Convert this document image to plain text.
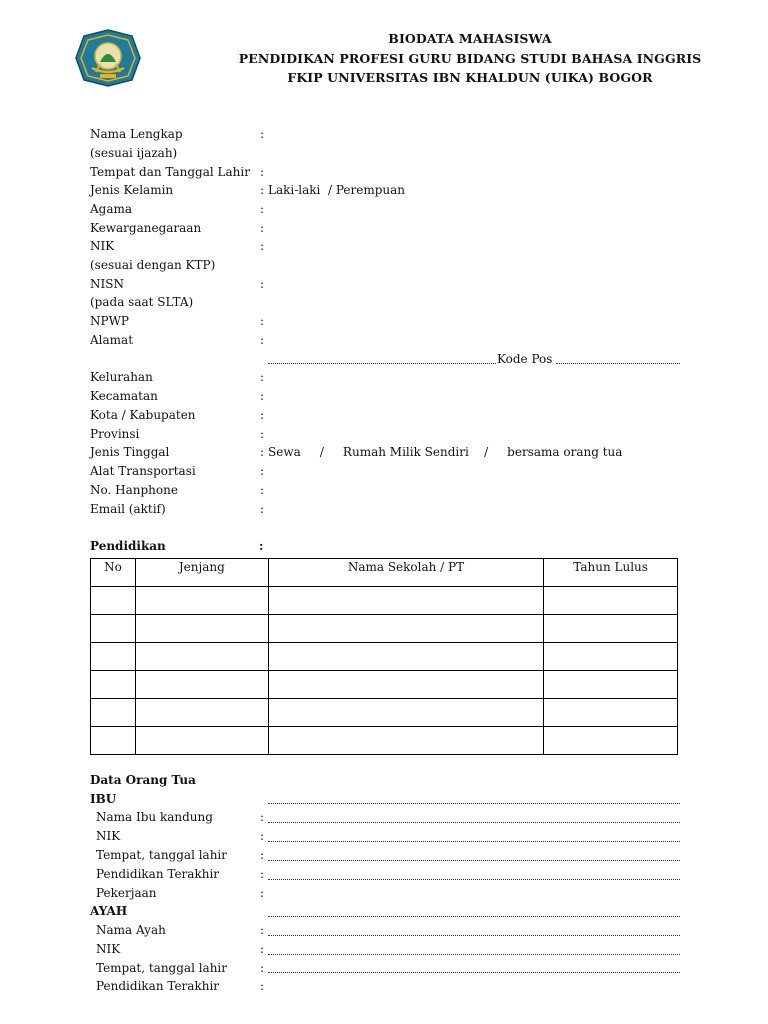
BIODATA MAHASISWA
PENDIDIKAN PROFESI GURU BIDANG STUDI BAHASA INGGRIS
FKIP UNIVERSITAS IBN KHALDUN (UIKA) BOGOR
Nama Lengkap	:
(sesuai ijazah)
Tempat dan Tanggal Lahir :
Jenis Kelamin	: Laki-laki  / Perempuan
Agama	:
Kewarganegaraan	:
NIK	:
(sesuai dengan KTP)
NISN	:
(pada saat SLTA)
NPWP	:
Alamat	:
Kode Pos
Kelurahan	:
Kecamatan	:
Kota / Kabupaten	:
Provinsi	:
Jenis Tinggal	: Sewa     /     Rumah Milik Sendiri    /     bersama orang tua
Alat Transportasi	:
No. Hanphone	:
Email (aktif)	:
Pendidikan	:
No	Jenjang	Nama Sekolah / PT	Tahun Lulus

Data Orang Tua
IBU
Nama Ibu kandung	:
NIK	:
Tempat, tanggal lahir	:
Pendidikan Terakhir	:
Pekerjaan	:
AYAH
Nama Ayah	:
NIK	:
Tempat, tanggal lahir	:
Pendidikan Terakhir	:
